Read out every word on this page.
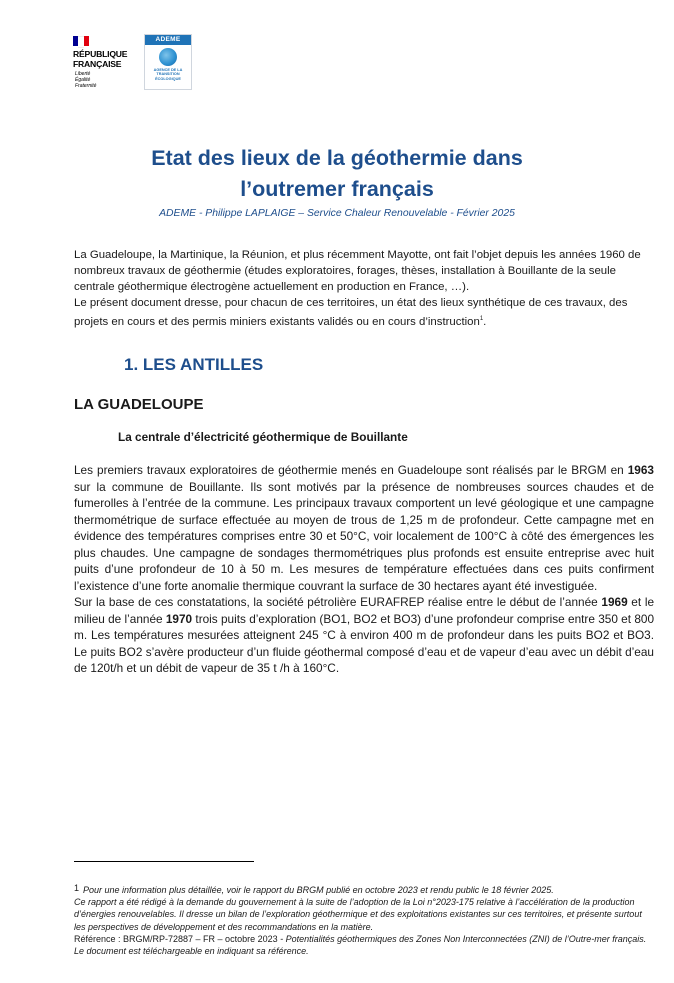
RÉPUBLIQUE
FRANÇAISE
Liberté
Égalité
Fraternité
ADEME
AGENCE DE LA TRANSITION ÉCOLOGIQUE
Etat des lieux de la géothermie dans
l’outremer français
ADEME - Philippe LAPLAIGE – Service Chaleur Renouvelable - Février 2025

La Guadeloupe, la Martinique, la Réunion, et plus récemment Mayotte, ont fait l’objet depuis les années 1960 de nombreux travaux de géothermie (études exploratoires, forages, thèses, installation à Bouillante de la seule centrale géothermique électrogène actuellement en production en France, …).

Le présent document dresse, pour chacun de ces territoires, un état des lieux synthétique de ces travaux, des projets en cours et des permis miniers existants validés ou en cours d’instruction$^1$.

1. LES ANTILLES
LA GUADELOUPE
La centrale d’électricité géothermique de Bouillante

Les premiers travaux exploratoires de géothermie menés en Guadeloupe sont réalisés par le BRGM en 1963 sur la commune de Bouillante. Ils sont motivés par la présence de nombreuses sources chaudes et de fumerolles à l’entrée de la commune. Les principaux travaux comportent un levé géologique et une campagne thermométrique de surface effectuée au moyen de trous de 1,25 m de profondeur. Cette campagne met en évidence des températures comprises entre 30 et 50°C, voir localement de 100°C à côté des émergences les plus chaudes. Une campagne de sondages thermométriques plus profonds est ensuite entreprise avec huit puits d’une profondeur de 10 à 50 m. Les mesures de température effectuées dans ces puits confirment l’existence d’une forte anomalie thermique couvrant la surface de 30 hectares ayant été investiguée.

Sur la base de ces constatations, la société pétrolière EURAFREP réalise entre le début de l’année 1969 et le milieu de l’année 1970 trois puits d’exploration (BO1, BO2 et BO3) d’une profondeur comprise entre 350 et 800 m. Les températures mesurées atteignent 245 °C à environ 400 m de profondeur dans les puits BO2 et BO3. Le puits BO2 s’avère producteur d’un fluide géothermal composé d’eau et de vapeur d’eau avec un débit d’eau de 120t/h et un débit de vapeur de 35 t /h à 160°C.

1 Pour une information plus détaillée, voir le rapport du BRGM publié en octobre 2023 et rendu public le 18 février 2025.

Ce rapport a été rédigé à la demande du gouvernement à la suite de l’adoption de la Loi n°2023-175 relative à l’accélération de la production d’énergies renouvelables. Il dresse un bilan de l’exploration géothermique et des exploitations existantes sur ces territoires, et présente surtout les perspectives de développement et des recommandations en la matière.

Référence : BRGM/RP-72887 – FR – octobre 2023 - Potentialités géothermiques des Zones Non Interconnectées (ZNI) de l’Outre-mer français. Le document est téléchargeable en indiquant sa référence.
